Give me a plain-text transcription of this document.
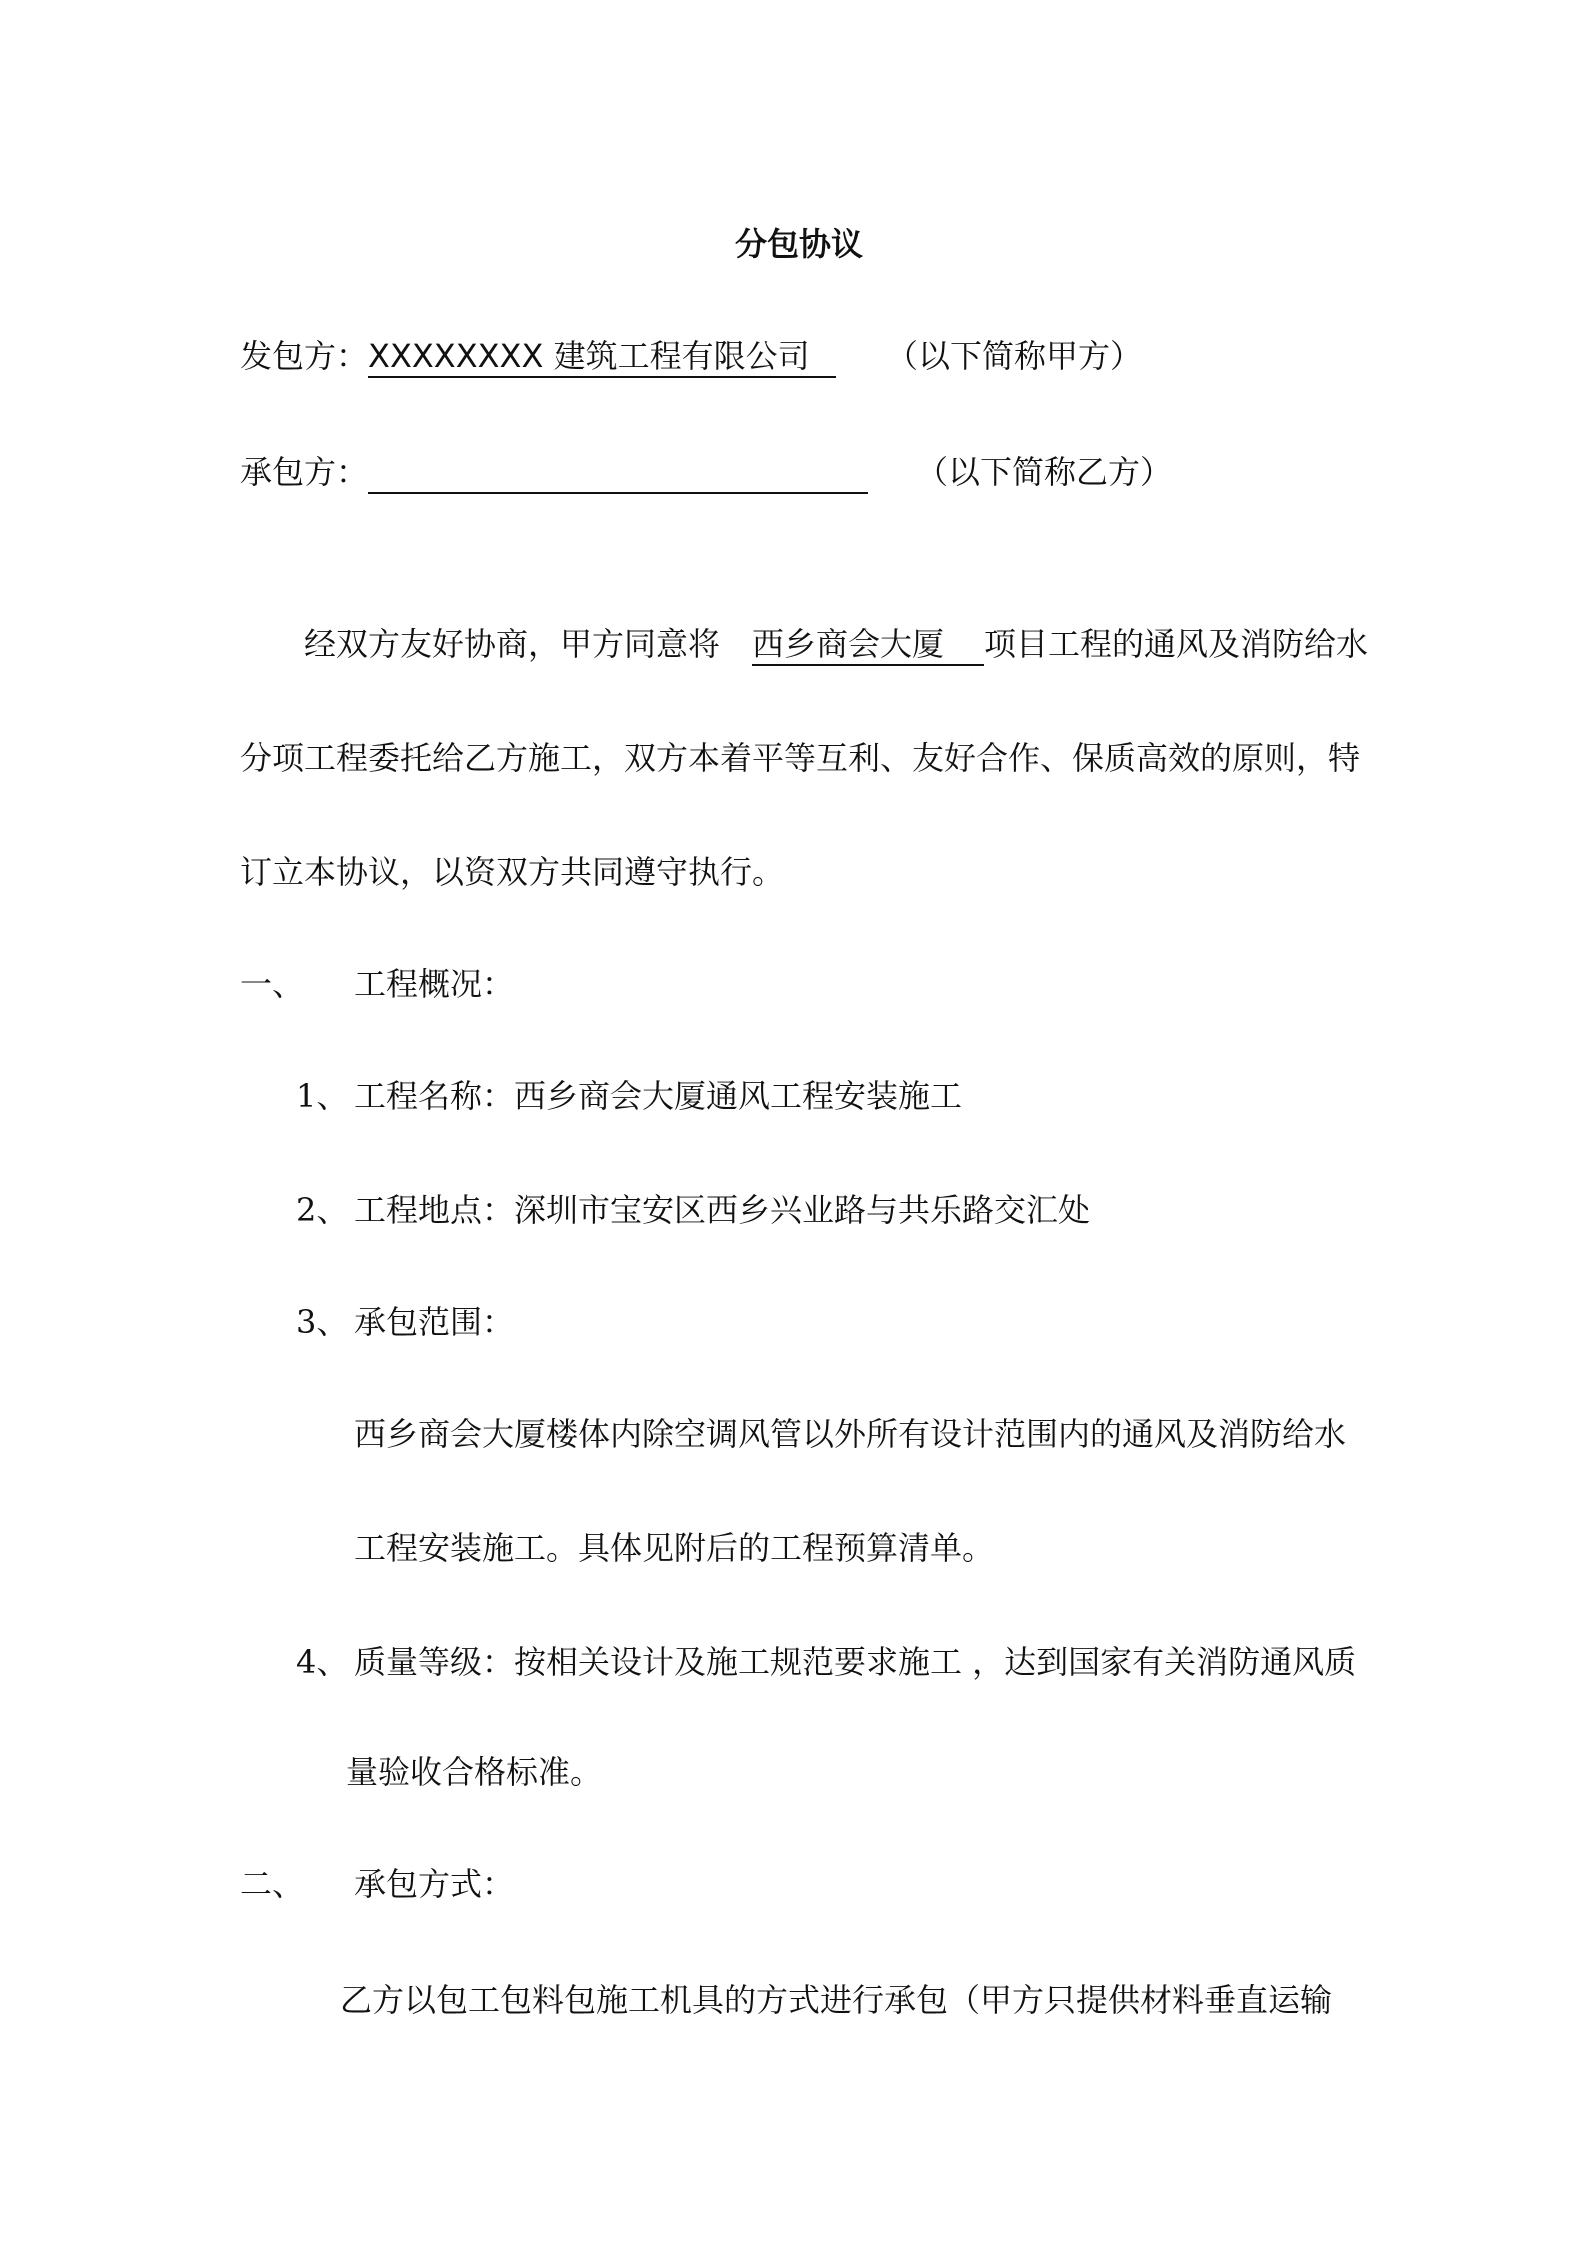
分包协议
发包方：XXXXXXXX 建筑工程有限公司	（以下简称甲方）
承包方：	（以下简称乙方）
经双方友好协商，甲方同意将 西乡商会大厦 项目工程的通风及消防给水
分项工程委托给乙方施工，双方本着平等互利、友好合作、保质高效的原则，特
订立本协议，以资双方共同遵守执行。
一、 工程概况：
1、 工程名称：西乡商会大厦通风工程安装施工
2、 工程地点：深圳市宝安区西乡兴业路与共乐路交汇处
3、 承包范围：
西乡商会大厦楼体内除空调风管以外所有设计范围内的通风及消防给水
工程安装施工。具体见附后的工程预算清单。
4、 质量等级：按相关设计及施工规范要求施工 ，达到国家有关消防通风质
量验收合格标准。
二、 承包方式：
乙方以包工包料包施工机具的方式进行承包（甲方只提供材料垂直运输
